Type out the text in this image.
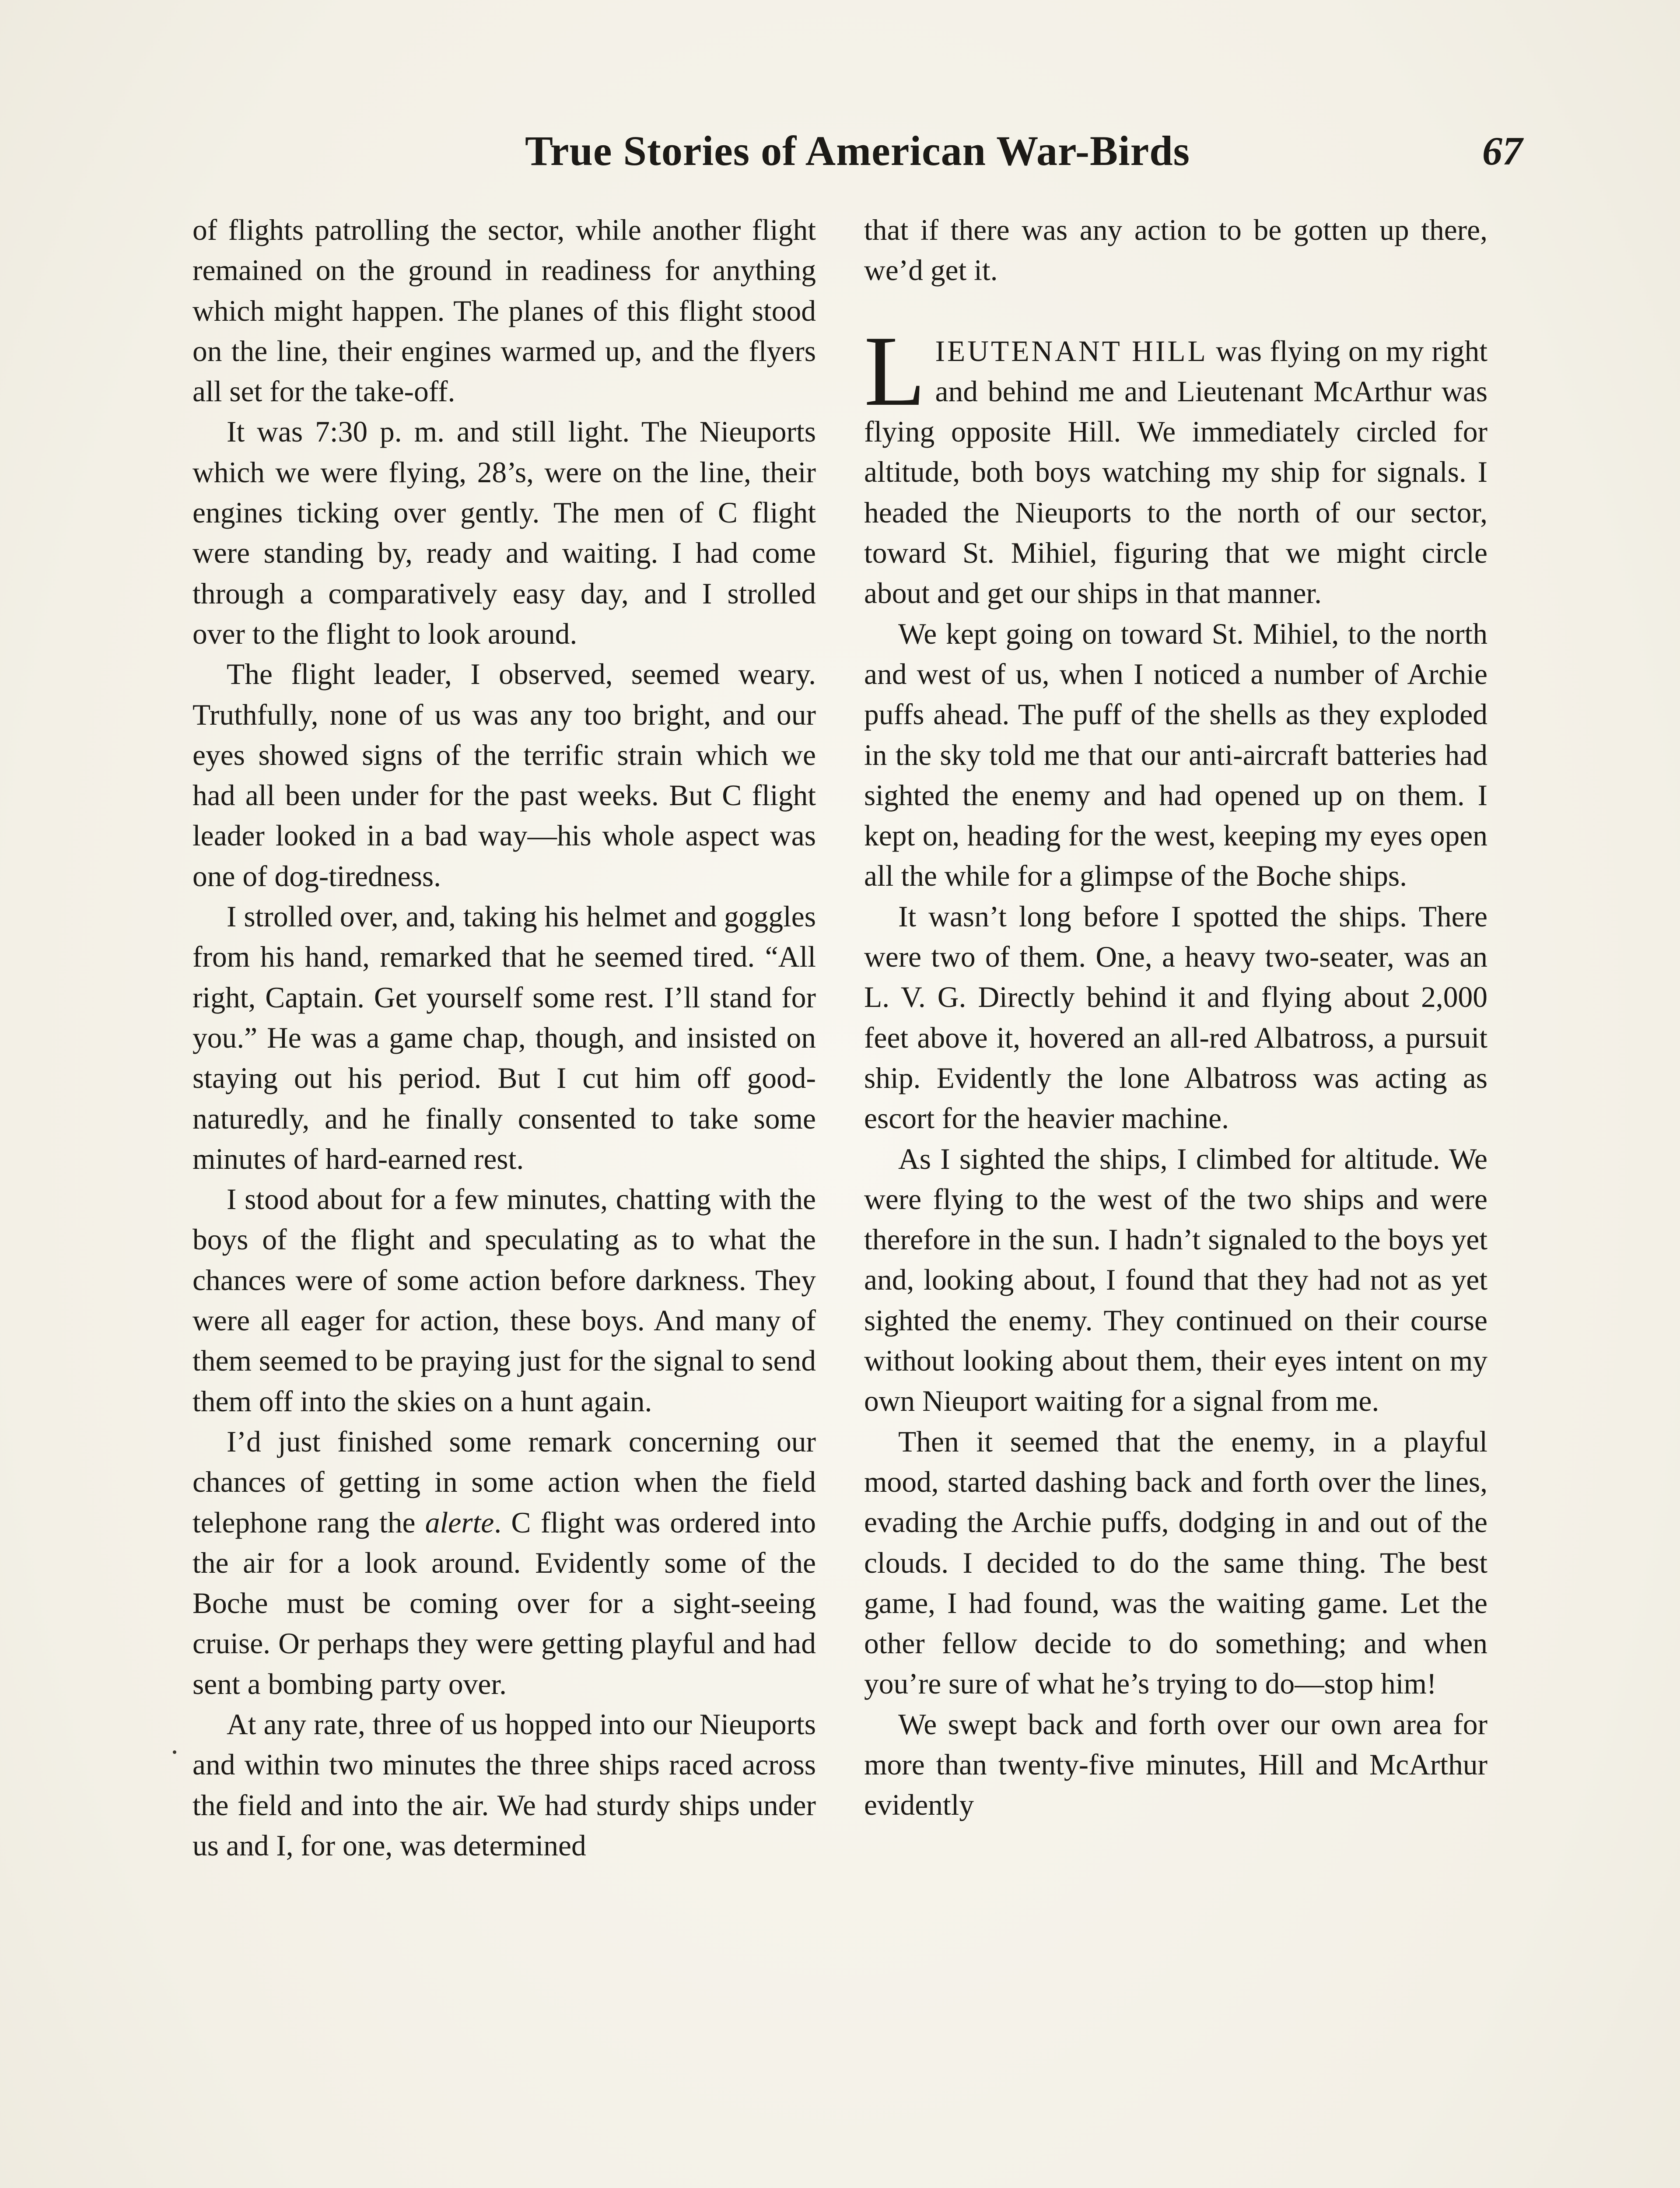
True Stories of American War-Birds	67

of flights patrolling the sector, while another flight remained on the ground in readiness for anything which might happen. The planes of this flight stood on the line, their engines warmed up, and the flyers all set for the take-off.

It was 7:30 p. m. and still light. The Nieuports which we were flying, 28’s, were on the line, their engines ticking over gently. The men of C flight were standing by, ready and waiting. I had come through a comparatively easy day, and I strolled over to the flight to look around.

The flight leader, I observed, seemed weary. Truthfully, none of us was any too bright, and our eyes showed signs of the terrific strain which we had all been under for the past weeks. But C flight leader looked in a bad way—his whole aspect was one of dog-tiredness.

I strolled over, and, taking his helmet and goggles from his hand, remarked that he seemed tired. “All right, Captain. Get yourself some rest. I’ll stand for you.” He was a game chap, though, and insisted on staying out his period. But I cut him off good-naturedly, and he finally consented to take some minutes of hard-earned rest.

I stood about for a few minutes, chatting with the boys of the flight and speculating as to what the chances were of some action before darkness. They were all eager for action, these boys. And many of them seemed to be praying just for the signal to send them off into the skies on a hunt again.

I’d just finished some remark concerning our chances of getting in some action when the field telephone rang the alerte. C flight was ordered into the air for a look around. Evidently some of the Boche must be coming over for a sight-seeing cruise. Or perhaps they were getting playful and had sent a bombing party over.

At any rate, three of us hopped into our Nieuports and within two minutes the three ships raced across the field and into the air. We had sturdy ships under us and I, for one, was determined

that if there was any action to be gotten up there, we’d get it.

LIEUTENANT HILL was flying on my right and behind me and Lieutenant McArthur was flying opposite Hill. We immediately circled for altitude, both boys watching my ship for signals. I headed the Nieuports to the north of our sector, toward St. Mihiel, figuring that we might circle about and get our ships in that manner.

We kept going on toward St. Mihiel, to the north and west of us, when I noticed a number of Archie puffs ahead. The puff of the shells as they exploded in the sky told me that our anti-aircraft batteries had sighted the enemy and had opened up on them. I kept on, heading for the west, keeping my eyes open all the while for a glimpse of the Boche ships.

It wasn’t long before I spotted the ships. There were two of them. One, a heavy two-seater, was an L. V. G. Directly behind it and flying about 2,000 feet above it, hovered an all-red Albatross, a pursuit ship. Evidently the lone Albatross was acting as escort for the heavier machine.

As I sighted the ships, I climbed for altitude. We were flying to the west of the two ships and were therefore in the sun. I hadn’t signaled to the boys yet and, looking about, I found that they had not as yet sighted the enemy. They continued on their course without looking about them, their eyes intent on my own Nieuport waiting for a signal from me.

Then it seemed that the enemy, in a playful mood, started dashing back and forth over the lines, evading the Archie puffs, dodging in and out of the clouds. I decided to do the same thing. The best game, I had found, was the waiting game. Let the other fellow decide to do something; and when you’re sure of what he’s trying to do—stop him!

We swept back and forth over our own area for more than twenty-five minutes, Hill and McArthur evidently
